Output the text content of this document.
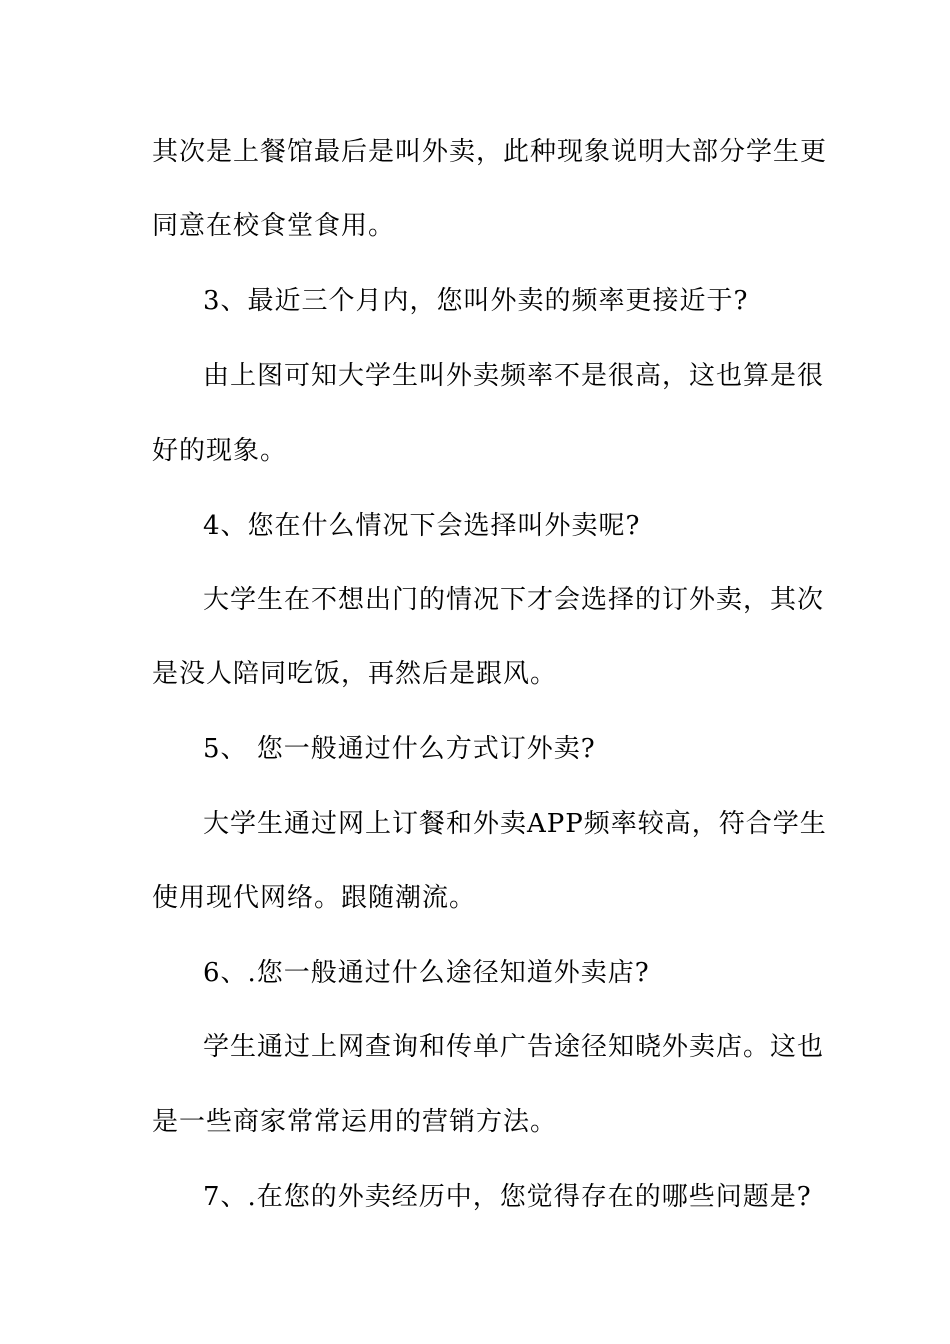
其次是上餐馆最后是叫外卖，此种现象说明大部分学生更
同意在校食堂食用。
3、最近三个月内，您叫外卖的频率更接近于?
由上图可知大学生叫外卖频率不是很高，这也算是很
好的现象。
4、您在什么情况下会选择叫外卖呢?
大学生在不想出门的情况下才会选择的订外卖，其次
是没人陪同吃饭，再然后是跟风。
5、 您一般通过什么方式订外卖?
大学生通过网上订餐和外卖APP频率较高，符合学生
使用现代网络。跟随潮流。
6、.您一般通过什么途径知道外卖店?
学生通过上网查询和传单广告途径知晓外卖店。这也
是一些商家常常运用的营销方法。
7、.在您的外卖经历中，您觉得存在的哪些问题是?
